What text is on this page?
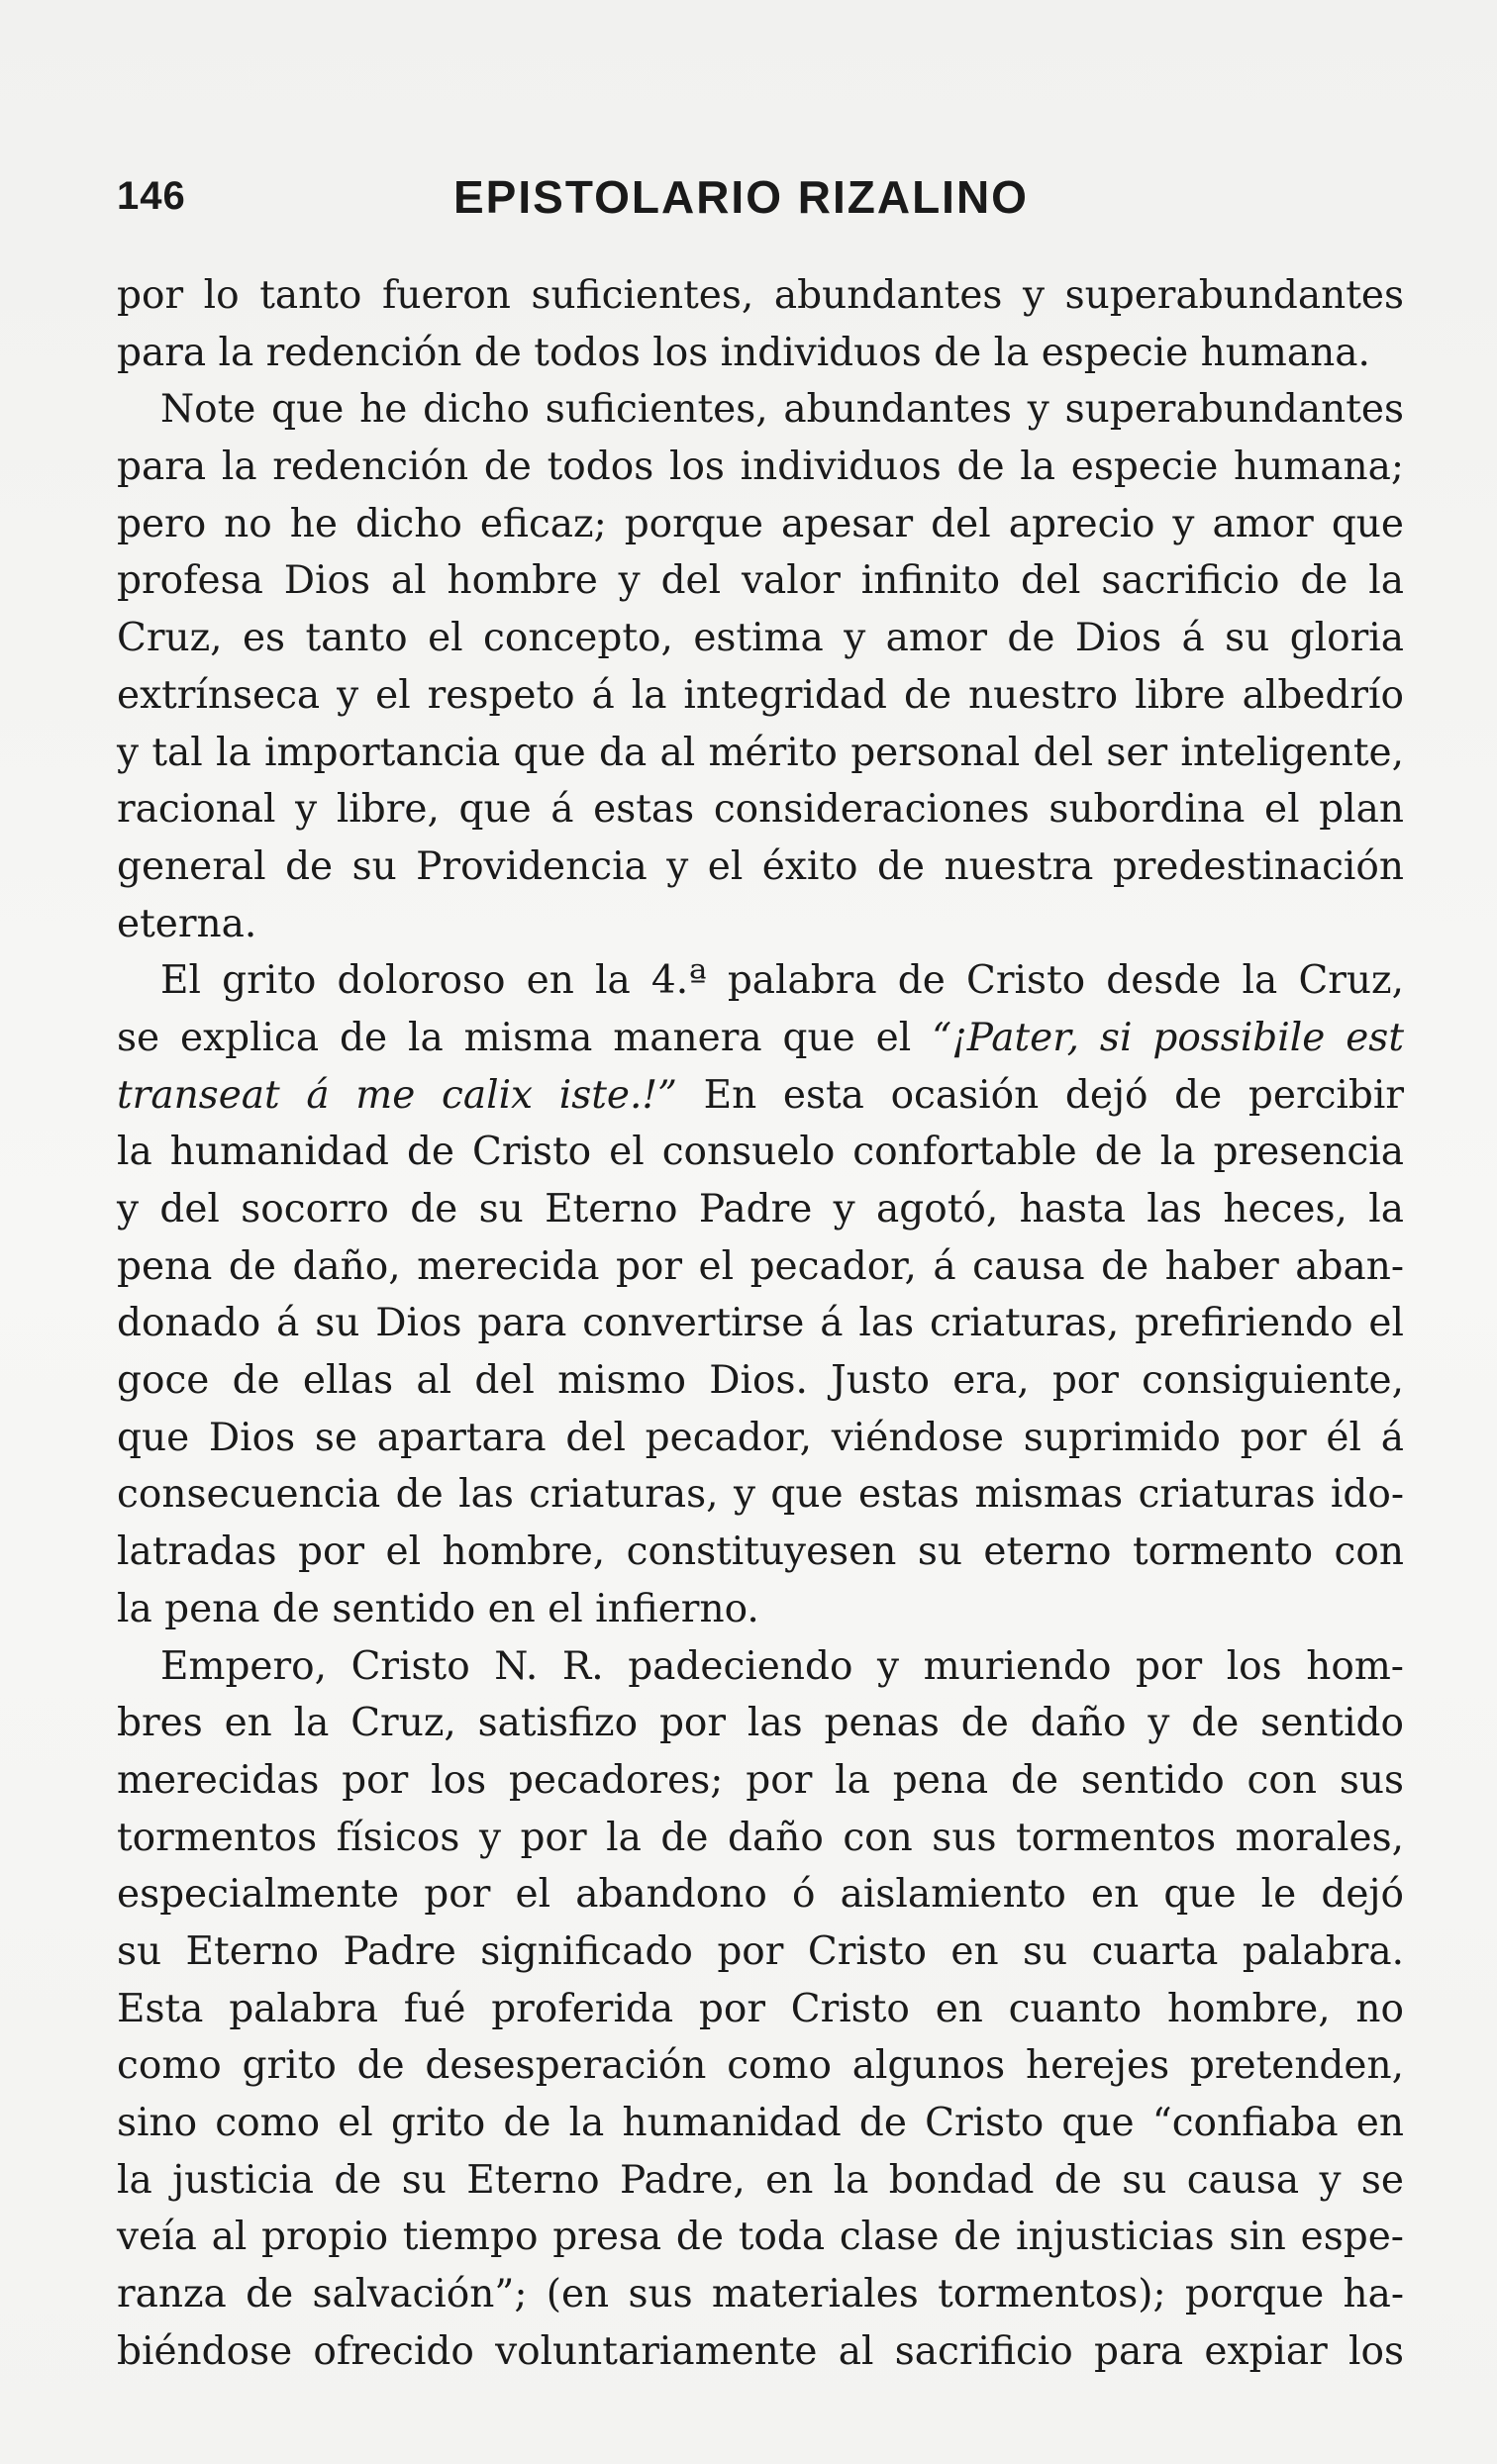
146	EPISTOLARIO RIZALINO
por lo tanto fueron suficientes, abundantes y superabundantes
para la redención de todos los individuos de la especie humana.
Note que he dicho suficientes, abundantes y superabundantes
para la redención de todos los individuos de la especie humana;
pero no he dicho eficaz; porque apesar del aprecio y amor que
profesa Dios al hombre y del valor infinito del sacrificio de la
Cruz, es tanto el concepto, estima y amor de Dios á su gloria
extrínseca y el respeto á la integridad de nuestro libre albedrío
y tal la importancia que da al mérito personal del ser inteligente,
racional y libre, que á estas consideraciones subordina el plan
general de su Providencia y el éxito de nuestra predestinación
eterna.
El grito doloroso en la 4.ª palabra de Cristo desde la Cruz,
se explica de la misma manera que el “¡Pater, si possibile est
transeat á me calix iste.!” En esta ocasión dejó de percibir
la humanidad de Cristo el consuelo confortable de la presencia
y del socorro de su Eterno Padre y agotó, hasta las heces, la
pena de daño, merecida por el pecador, á causa de haber aban-
donado á su Dios para convertirse á las criaturas, prefiriendo el
goce de ellas al del mismo Dios. Justo era, por consiguiente,
que Dios se apartara del pecador, viéndose suprimido por él á
consecuencia de las criaturas, y que estas mismas criaturas ido-
latradas por el hombre, constituyesen su eterno tormento con
la pena de sentido en el infierno.
Empero, Cristo N. R. padeciendo y muriendo por los hom-
bres en la Cruz, satisfizo por las penas de daño y de sentido
merecidas por los pecadores; por la pena de sentido con sus
tormentos físicos y por la de daño con sus tormentos morales,
especialmente por el abandono ó aislamiento en que le dejó
su Eterno Padre significado por Cristo en su cuarta palabra.
Esta palabra fué proferida por Cristo en cuanto hombre, no
como grito de desesperación como algunos herejes pretenden,
sino como el grito de la humanidad de Cristo que “confiaba en
la justicia de su Eterno Padre, en la bondad de su causa y se
veía al propio tiempo presa de toda clase de injusticias sin espe-
ranza de salvación”; (en sus materiales tormentos); porque ha-
biéndose ofrecido voluntariamente al sacrificio para expiar los
